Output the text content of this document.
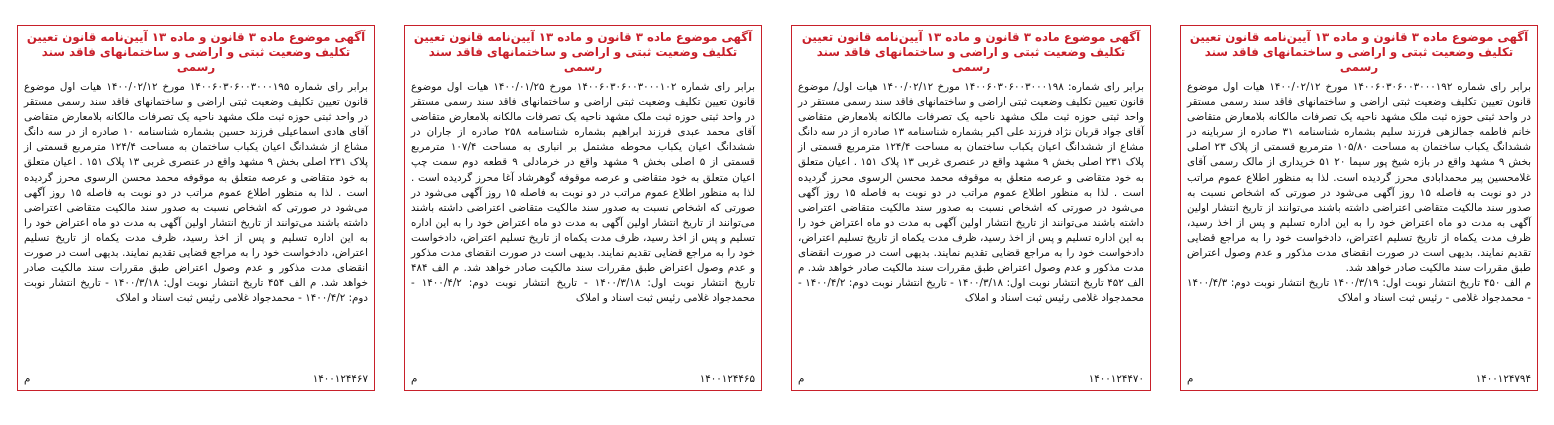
آگهی موضوع ماده ۳ قانون و ماده ۱۳ آیین‌نامه قانون تعیین تکلیف وضعیت ثبتی و اراضی و ساختمانهای فاقد سند رسمی

برابر رای شماره ۱۴۰۰۶۰۳۰۶۰۰۳۰۰۰۱۹۲ مورخ ۱۴۰۰/۰۲/۱۲ هیات اول موضوع قانون تعیین تکلیف وضعیت ثبتی اراضی و ساختمانهای فاقد سند رسمی مستقر در واحد ثبتی حوزه ثبت ملک مشهد ناحیه یک تصرفات مالکانه بلامعارض متقاضی خانم فاطمه جمالزهی فرزند سلیم بشماره شناسنامه ۳۱ صادره از سرباینه در ششدانگ یکباب ساختمان به مساحت ۱۰۵/۸۰ مترمربع قسمتی از پلاک ۲۳ اصلی بخش ۹ مشهد واقع در بازه شیخ پور سیما ۲۰ ۵۱ خریداری از مالک رسمی آقای غلامحسین پیر محمدابادی محرز گردیده است. لذا به منظور اطلاع عموم مراتب در دو نوبت به فاصله ۱۵ روز آگهی می‌شود در صورتی که اشخاص نسبت به صدور سند مالکیت متقاضی اعتراضی داشته باشند می‌توانند از تاریخ انتشار اولین آگهی به مدت دو ماه اعتراض خود را به این اداره تسلیم و پس از اخذ رسید، ظرف مدت یکماه از تاریخ تسلیم اعتراض، دادخواست خود را به مراجع قضایی تقدیم نمایند. بدیهی است در صورت انقضای مدت مذکور و عدم وصول اعتراض طبق مقررات سند مالکیت صادر خواهد شد.
م الف ۴۵۰ تاریخ انتشار نوبت اول: ۱۴۰۰/۳/۱۹ تاریخ انتشار نوبت دوم: ۱۴۰۰/۴/۳ - محمدجواد غلامی - رئیس ثبت اسناد و املاک

۱۴۰۰۱۲۴۷۹۴
م

آگهی موضوع ماده ۳ قانون و ماده ۱۳ آیین‌نامه قانون تعیین تکلیف وضعیت ثبتی و اراضی و ساختمانهای فاقد سند رسمی

برابر رای شماره: ۱۴۰۰۶۰۳۰۶۰۰۳۰۰۰۱۹۸ مورخ ۱۴۰۰/۰۲/۱۲ هیات اول/ موضوع قانون تعیین تکلیف وضعیت ثبتی اراضی و ساختمانهای فاقد سند رسمی مستقر در واحد ثبتی حوزه ثبت ملک مشهد ناحیه یک تصرفات مالکانه بلامعارض متقاضی آقای جواد قربان نژاد فرزند علی اکبر بشماره شناسنامه ۱۳ صادره از در سه دانگ مشاع از ششدانگ اعیان یکباب ساختمان به مساحت ۱۲۴/۴ مترمربع قسمتی از پلاک ۲۳۱ اصلی بخش ۹ مشهد واقع در عنصری غربی ۱۳ پلاک ۱۵۱ . اعیان متعلق به خود متقاضی و عرصه متعلق به موقوفه محمد محسن الرسوی محرز گردیده است . لذا به منظور اطلاع عموم مراتب در دو نوبت به فاصله ۱۵ روز آگهی می‌شود در صورتی که اشخاص نسبت به صدور سند مالکیت متقاضی اعتراضی داشته باشند می‌توانند از تاریخ انتشار اولین آگهی به مدت دو ماه اعتراض خود را به این اداره تسلیم و پس از اخذ رسید، ظرف مدت یکماه از تاریخ تسلیم اعتراض، دادخواست خود را به مراجع قضایی تقدیم نمایند. بدیهی است در صورت انقضای مدت مذکور و عدم وصول اعتراض طبق مقررات سند مالکیت صادر خواهد شد. م الف ۴۵۲ تاریخ انتشار نوبت اول: ۱۴۰۰/۳/۱۸ - تاریخ انتشار نوبت دوم: ۱۴۰۰/۴/۲ - محمدجواد غلامی رئیس ثبت اسناد و املاک

۱۴۰۰۱۲۴۴۷۰
م

آگهی موضوع ماده ۳ قانون و ماده ۱۳ آیین‌نامه قانون تعیین تکلیف وضعیت ثبتی و اراضی و ساختمانهای فاقد سند رسمی

برابر رای شماره ۱۴۰۰۶۰۳۰۶۰۰۳۰۰۰۱۰۲ مورخ ۱۴۰۰/۰۱/۲۵ هیات اول موضوع قانون تعیین تکلیف وضعیت ثبتی اراضی و ساختمانهای فاقد سند رسمی مستقر در واحد ثبتی حوزه ثبت ملک مشهد ناحیه یک تصرفات مالکانه بلامعارض متقاضی آقای محمد عبدی فرزند ابراهیم بشماره شناسنامه ۲۵۸ صادره از جاران در ششدانگ اعیان یکباب محوطه مشتمل بر انباری به مساحت ۱۰۷/۴ مترمربع قسمتی از ۵ اصلی بخش ۹ مشهد واقع در خرمادلی ۹ قطعه دوم سمت چپ اعیان متعلق به خود متقاضی و عرصه موقوفه گوهرشاد آغا محرز گردیده است . لذا به منظور اطلاع عموم مراتب در دو نوبت به فاصله ۱۵ روز آگهی می‌شود در صورتی که اشخاص نسبت به صدور سند مالکیت متقاضی اعتراضی داشته باشند می‌توانند از تاریخ انتشار اولین آگهی به مدت دو ماه اعتراض خود را به این اداره تسلیم و پس از اخذ رسید، ظرف مدت یکماه از تاریخ تسلیم اعتراض، دادخواست خود را به مراجع قضایی تقدیم نمایند. بدیهی است در صورت انقضای مدت مذکور و عدم وصول اعتراض طبق مقررات سند مالکیت صادر خواهد شد. م الف ۴۸۴ تاریخ انتشار نوبت اول: ۱۴۰۰/۳/۱۸ - تاریخ انتشار نوبت دوم: ۱۴۰۰/۴/۲ - محمدجواد غلامی رئیس ثبت اسناد و املاک

۱۴۰۰۱۲۴۴۶۵
م

آگهی موضوع ماده ۳ قانون و ماده ۱۳ آیین‌نامه قانون تعیین تکلیف وضعیت ثبتی و اراضی و ساختمانهای فاقد سند رسمی

برابر رای شماره ۱۴۰۰۶۰۳۰۶۰۰۳۰۰۰۱۹۵ مورخ ۱۴۰۰/۰۲/۱۲ هیات اول موضوع قانون تعیین تکلیف وضعیت ثبتی اراضی و ساختمانهای فاقد سند رسمی مستقر در واحد ثبتی حوزه ثبت ملک مشهد ناحیه یک تصرفات مالکانه بلامعارض متقاضی آقای هادی اسماعیلی فرزند حسین بشماره شناسنامه ۱۰ صادره از در سه دانگ مشاع از ششدانگ اعیان یکباب ساختمان به مساحت ۱۲۴/۴ مترمربع قسمتی از پلاک ۲۳۱ اصلی بخش ۹ مشهد واقع در عنصری غربی ۱۳ پلاک ۱۵۱ . اعیان متعلق به خود متقاضی و عرصه متعلق به موقوفه محمد محسن الرسوی محرز گردیده است . لذا به منظور اطلاع عموم مراتب در دو نوبت به فاصله ۱۵ روز آگهی می‌شود در صورتی که اشخاص نسبت به صدور سند مالکیت متقاضی اعتراضی داشته باشند می‌توانند از تاریخ انتشار اولین آگهی به مدت دو ماه اعتراض خود را به این اداره تسلیم و پس از اخذ رسید، ظرف مدت یکماه از تاریخ تسلیم اعتراض، دادخواست خود را به مراجع قضایی تقدیم نمایند. بدیهی است در صورت انقضای مدت مذکور و عدم وصول اعتراض طبق مقررات سند مالکیت صادر خواهد شد. م الف ۴۵۴ تاریخ انتشار نوبت اول: ۱۴۰۰/۳/۱۸ - تاریخ انتشار نوبت دوم: ۱۴۰۰/۴/۲ - محمدجواد غلامی رئیس ثبت اسناد و املاک

۱۴۰۰۱۲۴۴۶۷
م
